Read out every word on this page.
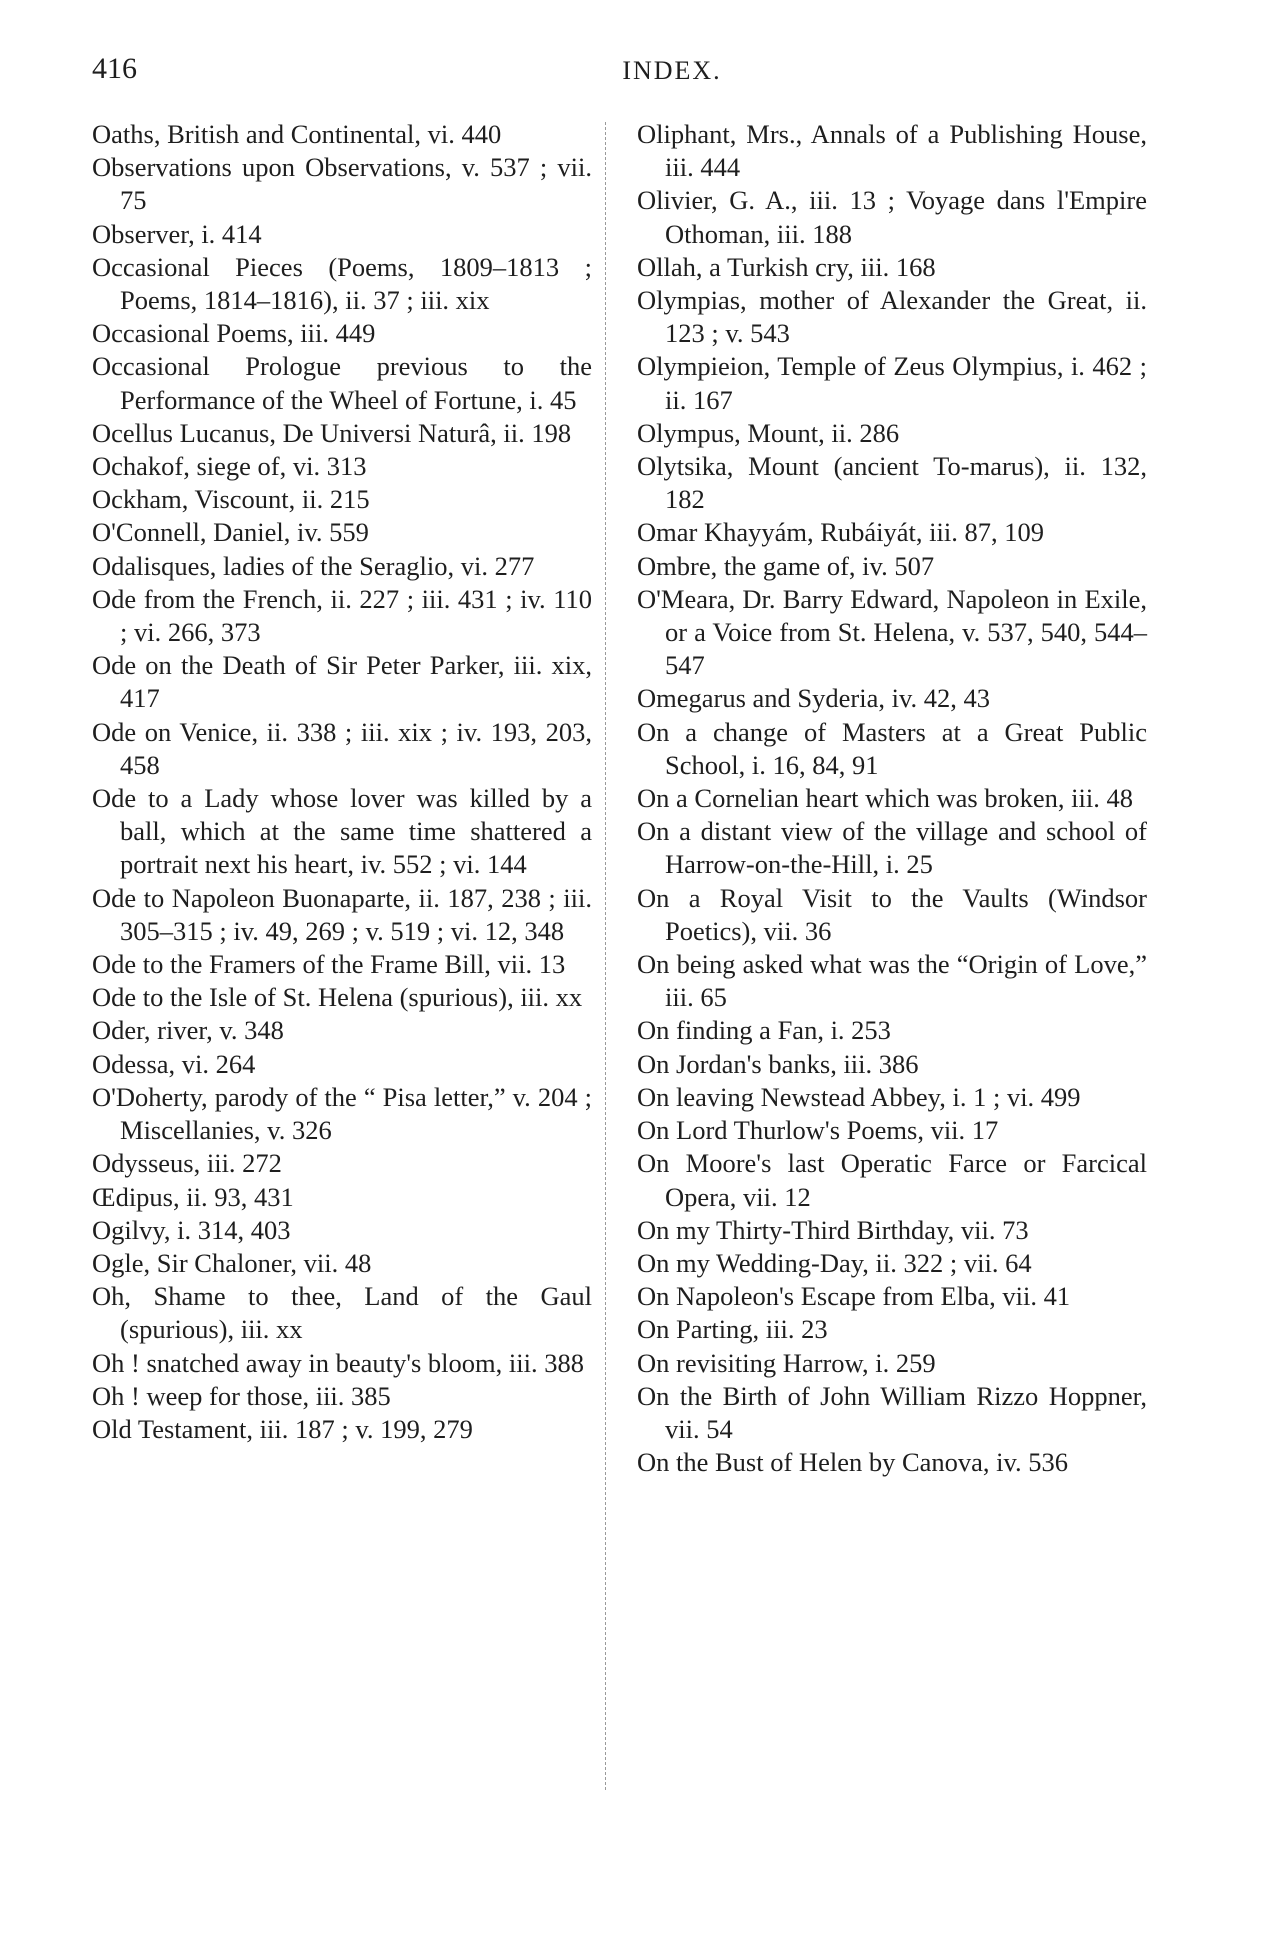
416	INDEX.

Oaths, British and Continental, vi. 440

Observations upon Observations, v. 537 ; vii. 75

Observer, i. 414

Occasional Pieces (Poems, 1809–1813 ; Poems, 1814–1816), ii. 37 ; iii. xix

Occasional Poems, iii. 449

Occasional Prologue previous to the Performance of the Wheel of Fortune, i. 45

Ocellus Lucanus, De Universi Naturâ, ii. 198

Ochakof, siege of, vi. 313

Ockham, Viscount, ii. 215

O'Connell, Daniel, iv. 559

Odalisques, ladies of the Seraglio, vi. 277

Ode from the French, ii. 227 ; iii. 431 ; iv. 110 ; vi. 266, 373

Ode on the Death of Sir Peter Parker, iii. xix, 417

Ode on Venice, ii. 338 ; iii. xix ; iv. 193, 203, 458

Ode to a Lady whose lover was killed by a ball, which at the same time shattered a portrait next his heart, iv. 552 ; vi. 144

Ode to Napoleon Buonaparte, ii. 187, 238 ; iii. 305–315 ; iv. 49, 269 ; v. 519 ; vi. 12, 348

Ode to the Framers of the Frame Bill, vii. 13

Ode to the Isle of St. Helena (spurious), iii. xx

Oder, river, v. 348

Odessa, vi. 264

O'Doherty, parody of the “ Pisa letter,” v. 204 ; Miscellanies, v. 326

Odysseus, iii. 272

Œdipus, ii. 93, 431

Ogilvy, i. 314, 403

Ogle, Sir Chaloner, vii. 48

Oh, Shame to thee, Land of the Gaul (spurious), iii. xx

Oh ! snatched away in beauty's bloom, iii. 388

Oh ! weep for those, iii. 385

Old Testament, iii. 187 ; v. 199, 279

Oliphant, Mrs., Annals of a Publishing House, iii. 444

Olivier, G. A., iii. 13 ; Voyage dans l'Empire Othoman, iii. 188

Ollah, a Turkish cry, iii. 168

Olympias, mother of Alexander the Great, ii. 123 ; v. 543

Olympieion, Temple of Zeus Olympius, i. 462 ; ii. 167

Olympus, Mount, ii. 286

Olytsika, Mount (ancient To-marus), ii. 132, 182

Omar Khayyám, Rubáiyát, iii. 87, 109

Ombre, the game of, iv. 507

O'Meara, Dr. Barry Edward, Napoleon in Exile, or a Voice from St. Helena, v. 537, 540, 544–547

Omegarus and Syderia, iv. 42, 43

On a change of Masters at a Great Public School, i. 16, 84, 91

On a Cornelian heart which was broken, iii. 48

On a distant view of the village and school of Harrow-on-the-Hill, i. 25

On a Royal Visit to the Vaults (Windsor Poetics), vii. 36

On being asked what was the “Origin of Love,” iii. 65

On finding a Fan, i. 253

On Jordan's banks, iii. 386

On leaving Newstead Abbey, i. 1 ; vi. 499

On Lord Thurlow's Poems, vii. 17

On Moore's last Operatic Farce or Farcical Opera, vii. 12

On my Thirty-Third Birthday, vii. 73

On my Wedding-Day, ii. 322 ; vii. 64

On Napoleon's Escape from Elba, vii. 41

On Parting, iii. 23

On revisiting Harrow, i. 259

On the Birth of John William Rizzo Hoppner, vii. 54

On the Bust of Helen by Canova, iv. 536
